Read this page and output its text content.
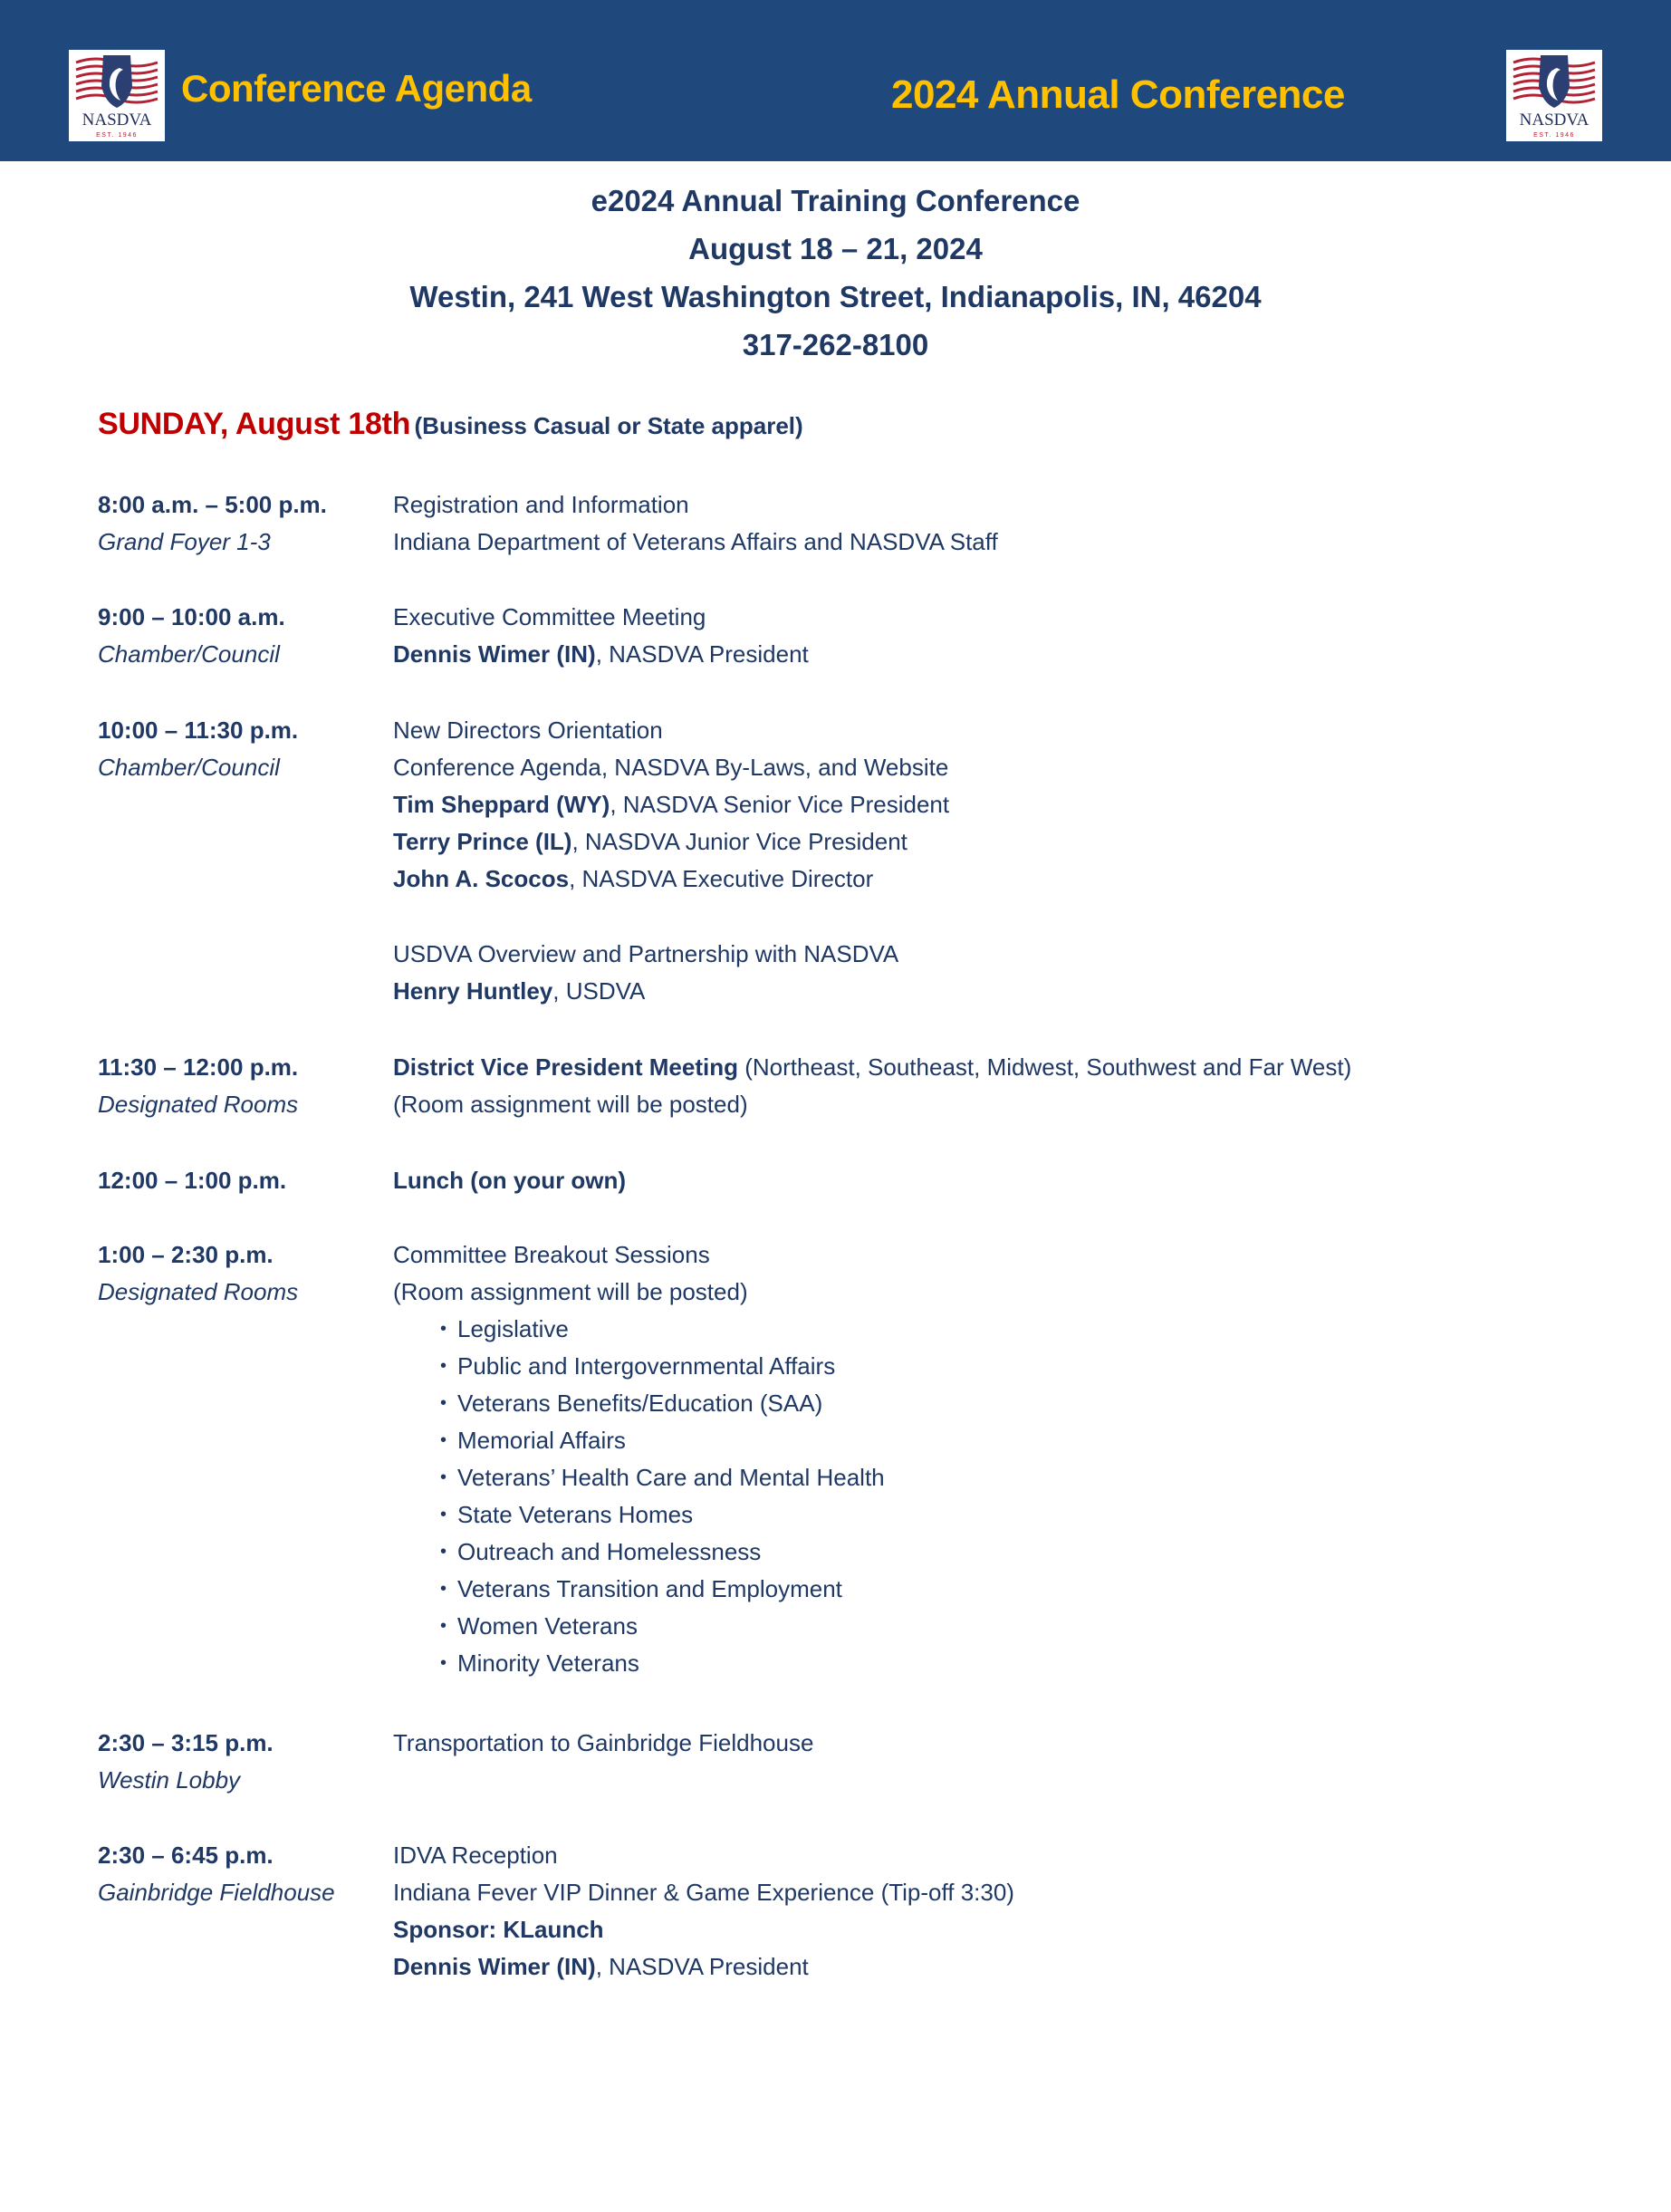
NASDVA
EST. 1946
Conference Agenda	2024 Annual Conference
NASDVA
EST. 1946
e2024 Annual Training Conference
August 18 – 21, 2024
Westin, 241 West Washington Street, Indianapolis, IN, 46204
317-262-8100
SUNDAY, August 18th (Business Casual or State apparel)
8:00 a.m. – 5:00 p.m.
Grand Foyer 1-3
Registration and Information
Indiana Department of Veterans Affairs and NASDVA Staff
9:00 – 10:00 a.m.
Chamber/Council
Executive Committee Meeting
Dennis Wimer (IN), NASDVA President
10:00 – 11:30 p.m.
Chamber/Council
New Directors Orientation
Conference Agenda, NASDVA By-Laws, and Website
Tim Sheppard (WY), NASDVA Senior Vice President
Terry Prince (IL), NASDVA Junior Vice President
John A. Scocos, NASDVA Executive Director
USDVA Overview and Partnership with NASDVA
Henry Huntley, USDVA
11:30 – 12:00 p.m.
Designated Rooms
District Vice President Meeting (Northeast, Southeast, Midwest, Southwest and Far West)
(Room assignment will be posted)
12:00 – 1:00 p.m.	Lunch (on your own)
1:00 – 2:30 p.m.
Designated Rooms
Committee Breakout Sessions
(Room assignment will be posted)
• Legislative
• Public and Intergovernmental Affairs
• Veterans Benefits/Education (SAA)
• Memorial Affairs
• Veterans’ Health Care and Mental Health
• State Veterans Homes
• Outreach and Homelessness
• Veterans Transition and Employment
• Women Veterans
• Minority Veterans
2:30 – 3:15 p.m.
Westin Lobby
Transportation to Gainbridge Fieldhouse
2:30 – 6:45 p.m.
Gainbridge Fieldhouse
IDVA Reception
Indiana Fever VIP Dinner & Game Experience (Tip-off 3:30)
Sponsor: KLaunch
Dennis Wimer (IN), NASDVA President
